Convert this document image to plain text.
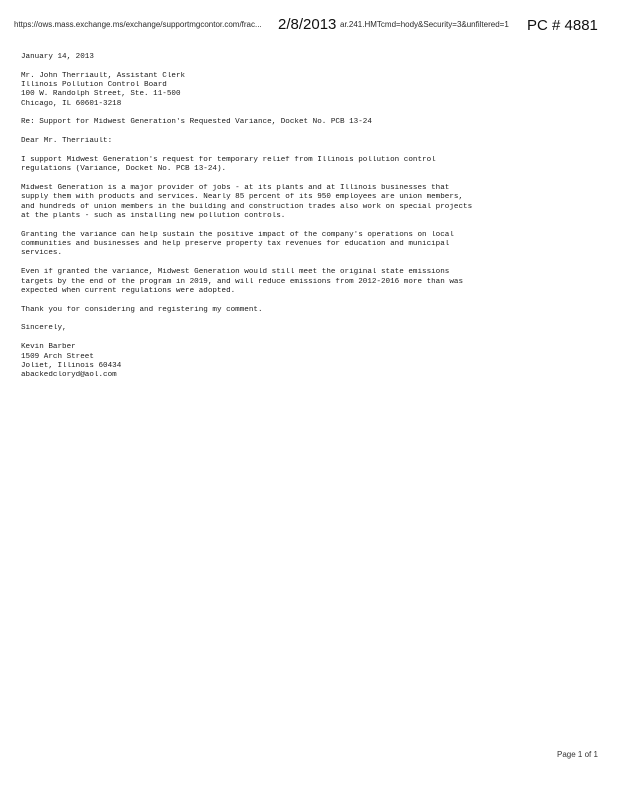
https://ows.mass.exchange.ms/exchange/supportmgcontor.com/frac...	2/8/2013 ar.241.HMTcmd=hody&Security=3&unfiltered=1	PC # 4881
January 14, 2013
Mr. John Therriault, Assistant Clerk
Illinois Pollution Control Board
100 W. Randolph Street, Ste. 11-500
Chicago, IL 60601-3218
Re: Support for Midwest Generation's Requested Variance, Docket No. PCB 13-24
Dear Mr. Therriault:
I support Midwest Generation's request for temporary relief from Illinois pollution control
regulations (Variance, Docket No. PCB 13-24).
Midwest Generation is a major provider of jobs - at its plants and at Illinois businesses that
supply them with products and services. Nearly 85 percent of its 950 employees are union members,
and hundreds of union members in the building and construction trades also work on special projects
at the plants - such as installing new pollution controls.
Granting the variance can help sustain the positive impact of the company's operations on local
communities and businesses and help preserve property tax revenues for education and municipal
services.
Even if granted the variance, Midwest Generation would still meet the original state emissions
targets by the end of the program in 2019, and will reduce emissions from 2012-2016 more than was
expected when current regulations were adopted.
Thank you for considering and registering my comment.
Sincerely,
Kevin Barber
1509 Arch Street
Joliet, Illinois 60434
abackedcloryd@aol.com
Page 1 of 1
